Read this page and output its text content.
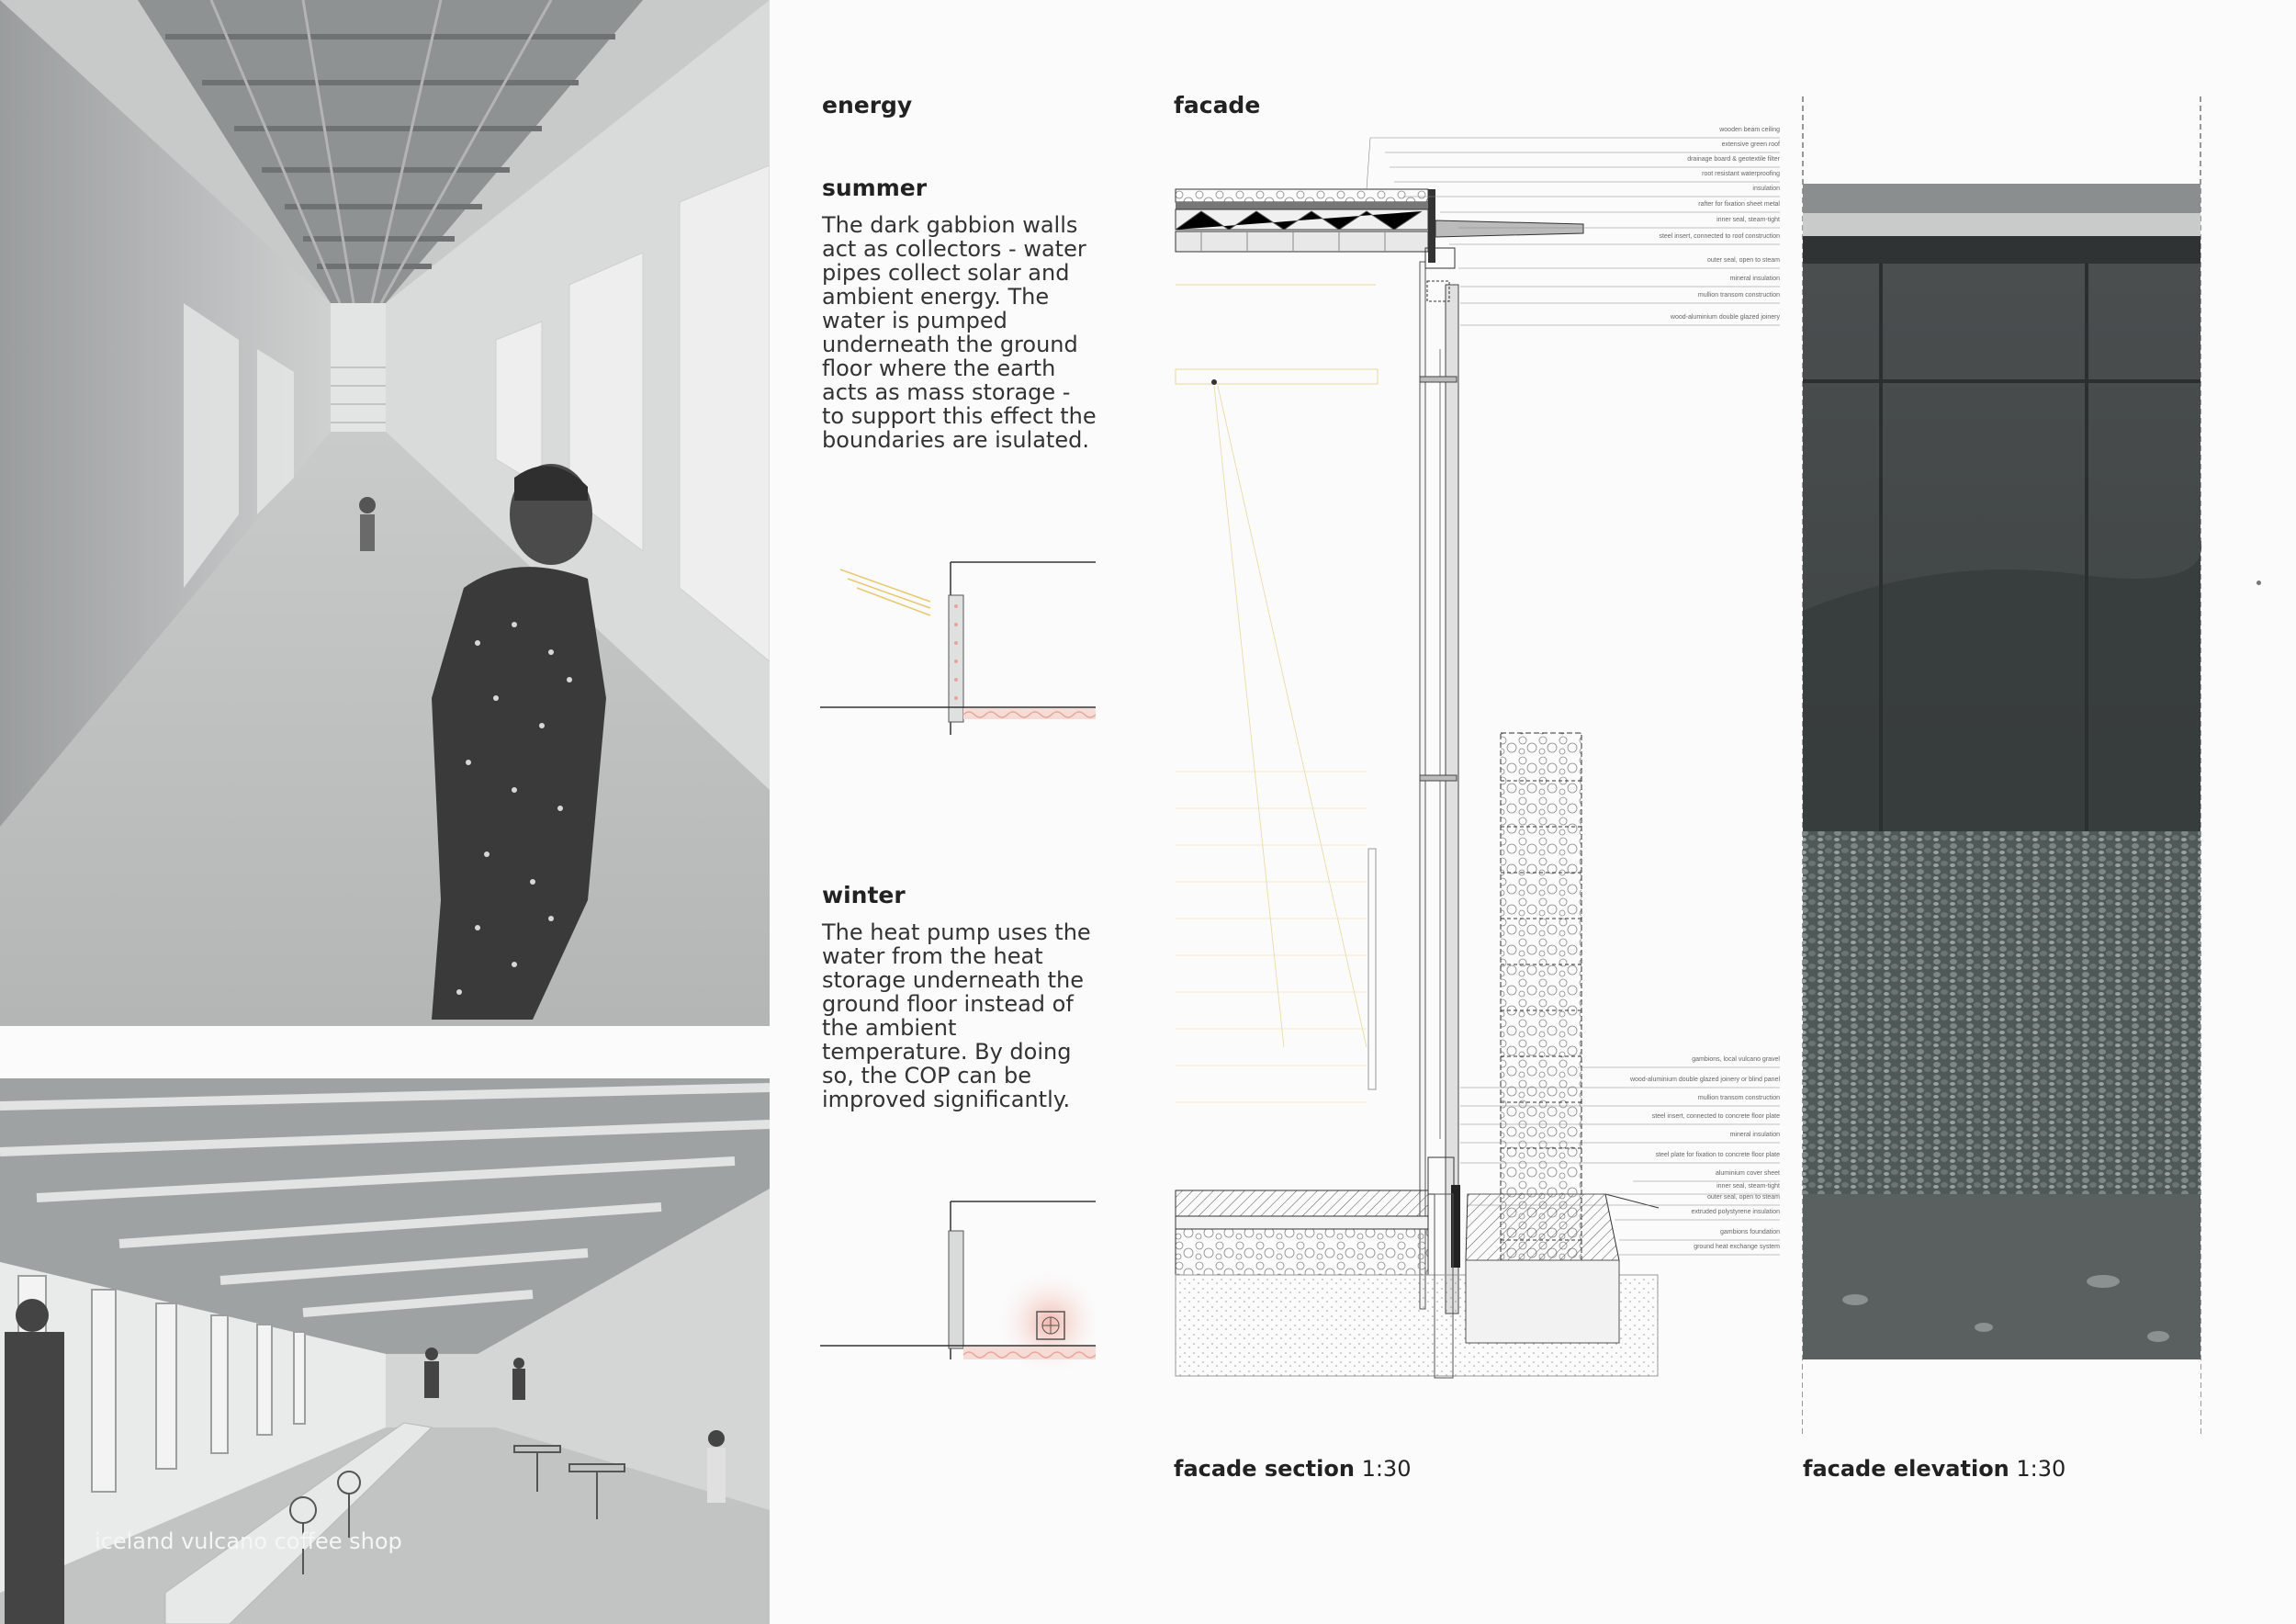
iceland vulcano coffee shop
energy
summer
The dark gabbion walls act as collectors - water pipes collect solar and ambient energy. The water is pumped underneath the ground floor where the earth acts as mass storage - to support this effect the boundaries are isulated.
winter
The heat pump uses the water from the heat storage underneath the ground floor instead of the ambient temperature. By doing so, the COP can be improved significantly.
facade
wooden beam ceiling
extensive green roof
drainage board & geotextile filter
root resistant waterproofing
insulation
rafter for fixation sheet metal
inner seal, steam-tight
steel insert, connected to roof construction
outer seal, open to steam
mineral insulation
mullion transom construction
wood-aluminium double glazed joinery
gambions, local vulcano gravel
wood-aluminium double glazed joinery or blind panel
mullion transom construction
steel insert, connected to concrete floor plate
mineral insulation
steel plate for fixation to concrete floor plate
aluminium cover sheet
inner seal, steam-tight
outer seal, open to steam
extruded polystyrene insulation
gambions foundation
ground heat exchange system
facade section 1:30	facade elevation 1:30
